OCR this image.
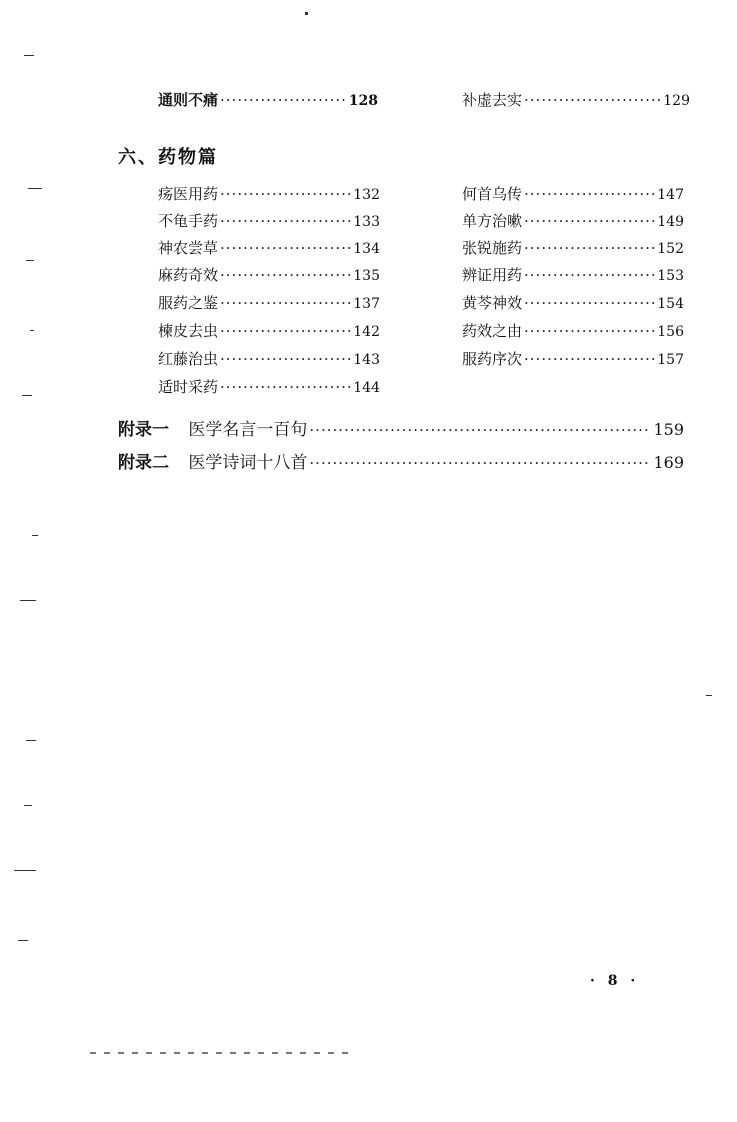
通则不痛 ·····	128	补虚去实 ·····	129
六、药物篇
疡医用药 ·····	132
不龟手药 ·····	133
神农尝草 ·····	134
麻药奇效 ·····	135
服药之鉴 ·····	137
楝皮去虫 ·····	142
红藤治虫 ·····	143
适时采药 ·····	144
何首乌传 ·····	147
单方治嗽 ·····	149
张锐施药 ·····	152
辨证用药 ·····	153
黄芩神效 ·····	154
药效之由 ·····	156
服药序次 ·····	157
附录一 医学名言一百句 ·····	159
附录二 医学诗词十八首 ·····	169
· 8 ·
